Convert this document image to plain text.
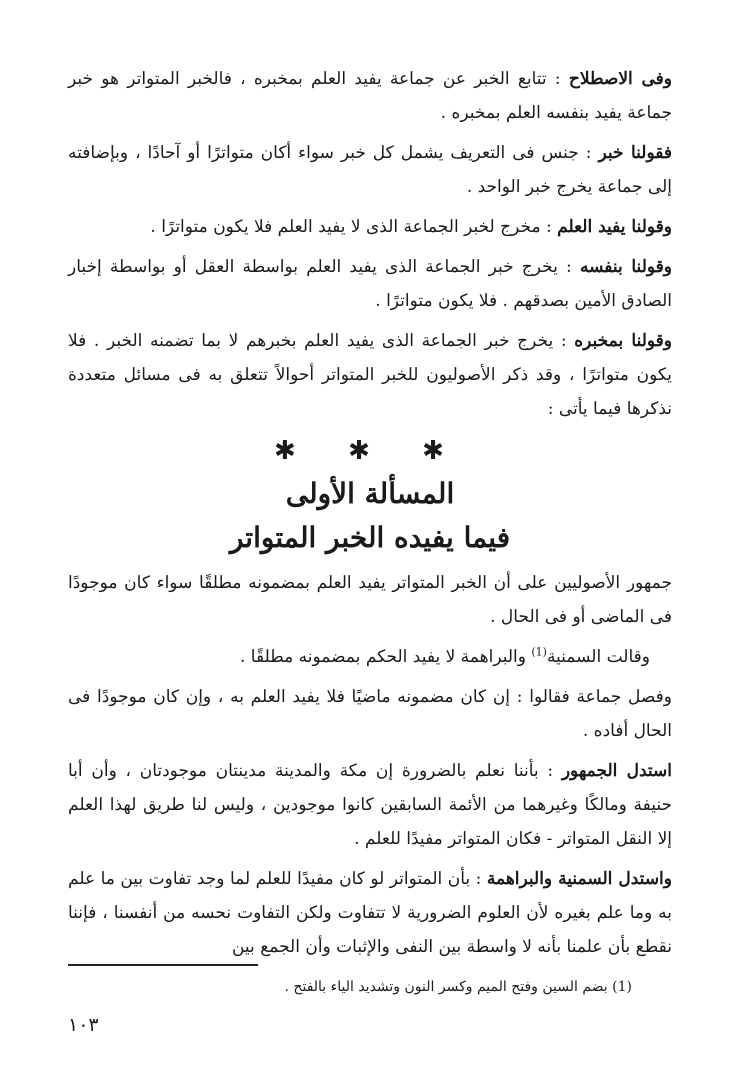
وفى الاصطلاح : تتابع الخبر عن جماعة يفيد العلم بمخبره ، فالخبر المتواتر هو خبر جماعة يفيد بنفسه العلم بمخبره .

فقولنا خبر : جنس فى التعريف يشمل كل خبر سواء أكان متواترًا أو آحادًا ، وبإضافته إلى جماعة يخرج خبر الواحد .

وقولنا يفيد العلم : مخرج لخبر الجماعة الذى لا يفيد العلم فلا يكون متواترًا .

وقولنا بنفسه : يخرج خبر الجماعة الذى يفيد العلم بواسطة العقل أو بواسطة إخبار الصادق الأمين بصدقهم . فلا يكون متواترًا .

وقولنا بمخبره : يخرج خبر الجماعة الذى يفيد العلم بخبرهم لا بما تضمنه الخبر . فلا يكون متواترًا ، وقد ذكر الأصوليون للخبر المتواتر أحوالاً تتعلق به فى مسائل متعددة نذكرها فيما يأتى :

✱ ✱ ✱
المسألة الأولى
فيما يفيده الخبر المتواتر

جمهور الأصوليين على أن الخبر المتواتر يفيد العلم بمضمونه مطلقًا سواء كان موجودًا فى الماضى أو فى الحال .

وقالت السمنية$^{(1)}$ والبراهمة لا يفيد الحكم بمضمونه مطلقًا .

وفصل جماعة فقالوا : إن كان مضمونه ماضيًا فلا يفيد العلم به ، وإن كان موجودًا فى الحال أفاده .

استدل الجمهور : بأننا نعلم بالضرورة إن مكة والمدينة مدينتان موجودتان ، وأن أبا حنيفة ومالكًا وغيرهما من الأئمة السابقين كانوا موجودين ، وليس لنا طريق لهذا العلم إلا النقل المتواتر - فكان المتواتر مفيدًا للعلم .

واستدل السمنية والبراهمة : بأن المتواتر لو كان مفيدًا للعلم لما وجد تفاوت بين ما علم به وما علم بغيره لأن العلوم الضرورية لا تتفاوت ولكن التفاوت نحسه من أنفسنا ، فإننا نقطع بأن علمنا بأنه لا واسطة بين النفى والإثبات وأن الجمع بين

(1) بضم السين وفتح الميم وكسر النون وتشديد الياء بالفتح .
١٠٣
